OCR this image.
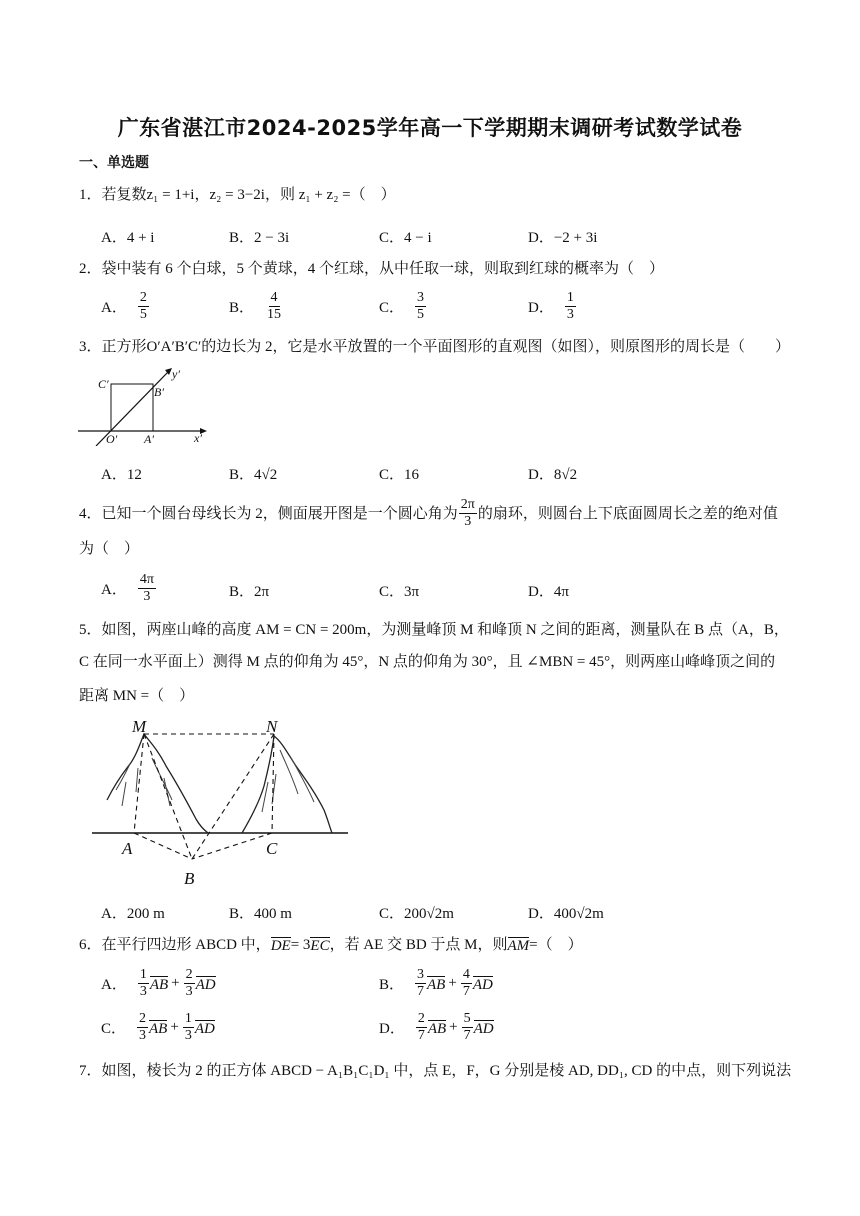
广东省湛江市2024-2025学年高一下学期期末调研考试数学试卷
一、单选题
1．若复数z₁ = 1+i，z₂ = 3−2i，则 z₁ + z₂ =（　）
A．4 + i	B．2 − 3i	C．4 − i	D．−2 + 3i
2．袋中装有 6 个白球，5 个黄球，4 个红球，从中任取一球，则取到红球的概率为（　）
A． $\frac{2}{5}$	B． $\frac{4}{15}$	C． $\frac{3}{5}$	D． $\frac{1}{3}$
3．正方形O′A′B′C′的边长为 2，它是水平放置的一个平面图形的直观图（如图），则原图形的周长是（　　）
C′
B′
O′ A′	x′
y′
A．12	B．4√2	C．16	D．8√2
4．已知一个圆台母线长为 2，侧面展开图是一个圆心角为 $\frac{2\pi}{3}$ 的扇环，则圆台上下底面圆周长之差的绝对值
为（　）
A． $\frac{4\pi}{3}$	B．2π	C．3π	D．4π
5．如图，两座山峰的高度 AM = CN = 200m，为测量峰顶 M 和峰顶 N 之间的距离，测量队在 B 点（A，B，
C 在同一水平面上）测得 M 点的仰角为 45°，N 点的仰角为 30°，且 ∠MBN = 45°，则两座山峰峰顶之间的
距离 MN =（　）
M	N
A	C
B
A．200 m	B．400 m	C．200√2m	D．400√2m
6．在平行四边形 ABCD 中， DE = 3 EC ，若 AE 交 BD 于点 M，则 AM =（　）
A． $\frac{1}{3}$ AB + $\frac{2}{3}$ AD	B． $\frac{3}{7}$ AB + $\frac{4}{7}$ AD
C． $\frac{2}{3}$ AB + $\frac{1}{3}$ AD	D． $\frac{2}{7}$ AB + $\frac{5}{7}$ AD
7．如图，棱长为 2 的正方体 ABCD − A₁B₁C₁D₁ 中，点 E，F，G 分别是棱 AD, DD₁, CD 的中点，则下列说法
